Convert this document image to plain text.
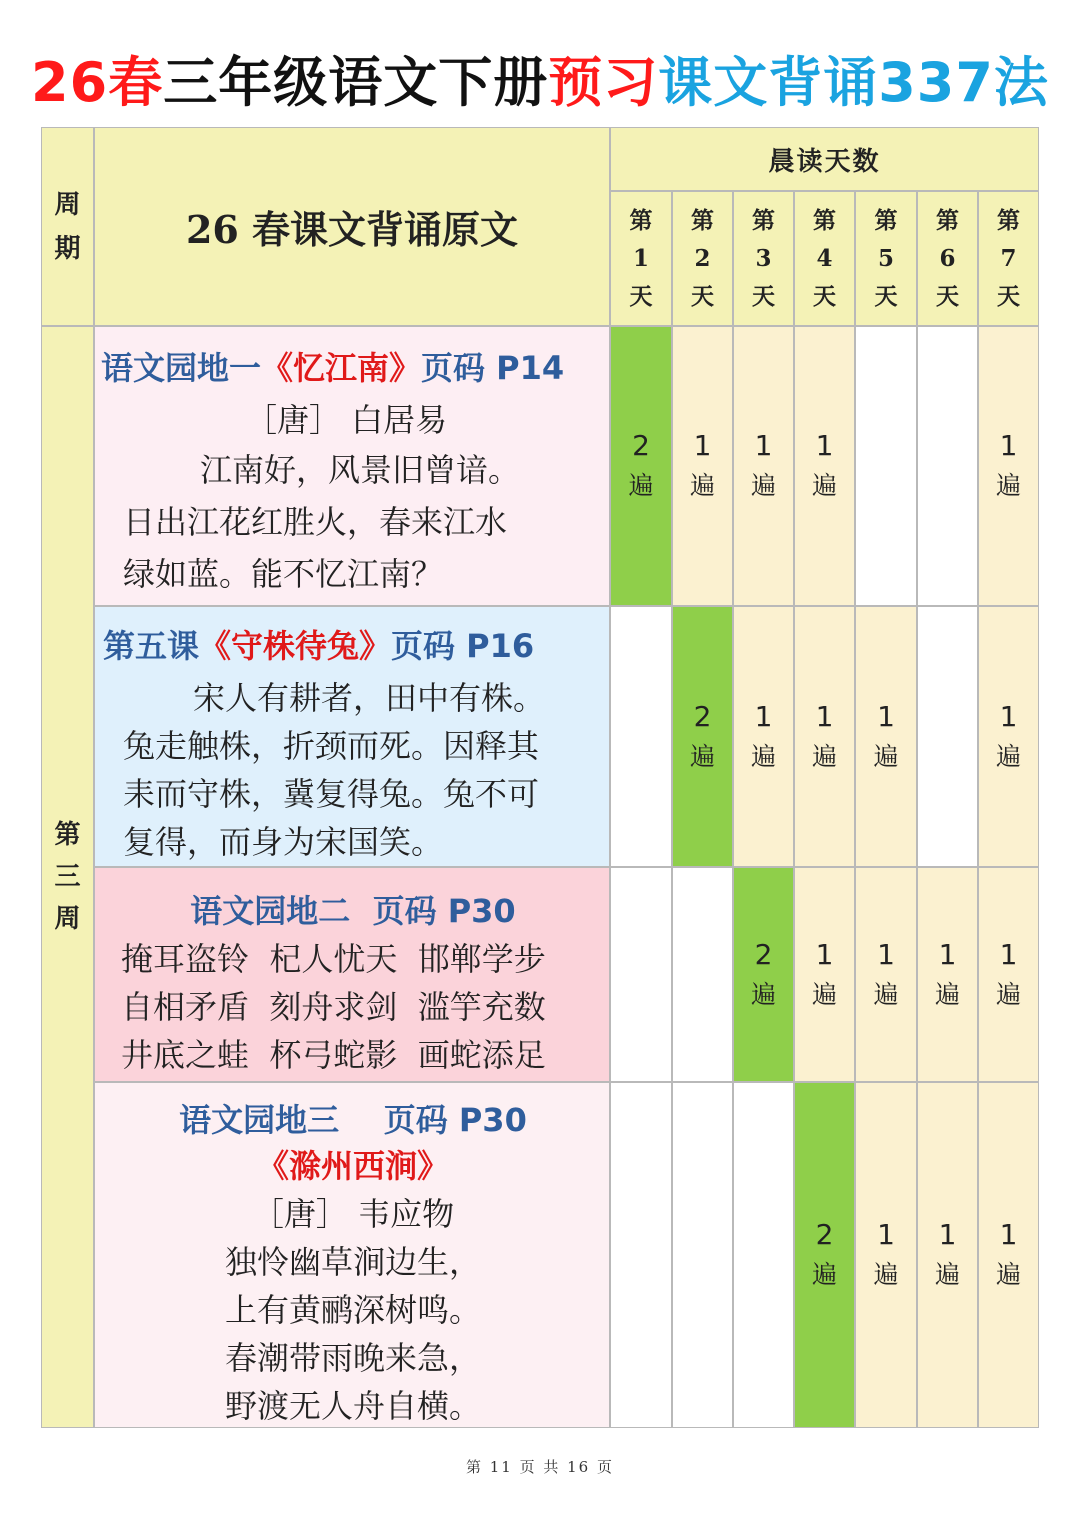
26春三年级语文下册预习课文背诵337法
周
期	26 春课文背诵原文
晨读天数
第
1
天
第
2
天
第
3
天
第
4
天
第
5
天
第
6
天
第
7
天
第
三
周
语文园地一《忆江南》页码 P14
［唐］ 白居易
江南好，风景旧曾谙。
日出江花红胜火，春来江水
绿如蓝。能不忆江南？
第五课《守株待兔》页码 P16
宋人有耕者，田中有株。
兔走触株，折颈而死。因释其
耒而守株，冀复得兔。兔不可
复得，而身为宋国笑。
语文园地二  页码 P30
掩耳盗铃  杞人忧天  邯郸学步
自相矛盾  刻舟求剑  滥竽充数
井底之蛙  杯弓蛇影  画蛇添足
语文园地三    页码 P30
《滁州西涧》
［唐］ 韦应物
独怜幽草涧边生，
上有黄鹂深树鸣。
春潮带雨晚来急，
野渡无人舟自横。
2
遍
1
遍
1
遍
1
遍
1
遍
2
遍
1
遍
1
遍
1
遍
1
遍
2
遍
1
遍
1
遍
1
遍
1
遍
2
遍
1
遍
1
遍
1
遍
第 11 页 共 16 页
